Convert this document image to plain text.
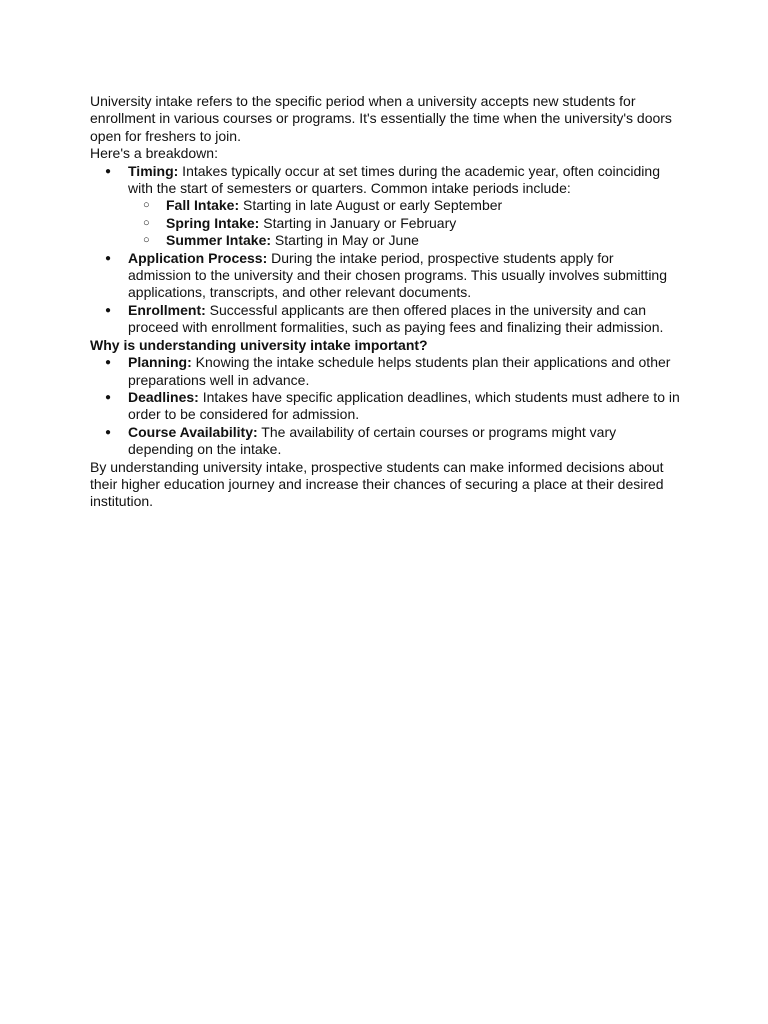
University intake refers to the specific period when a university accepts new students for enrollment in various courses or programs. It's essentially the time when the university's doors open for freshers to join.

Here's a breakdown:

● Timing: Intakes typically occur at set times during the academic year, often coinciding with the start of semesters or quarters. Common intake periods include:
○ Fall Intake: Starting in late August or early September
○ Spring Intake: Starting in January or February
○ Summer Intake: Starting in May or June
● Application Process: During the intake period, prospective students apply for admission to the university and their chosen programs. This usually involves submitting applications, transcripts, and other relevant documents.
● Enrollment: Successful applicants are then offered places in the university and can proceed with enrollment formalities, such as paying fees and finalizing their admission.

Why is understanding university intake important?

● Planning: Knowing the intake schedule helps students plan their applications and other preparations well in advance.
● Deadlines: Intakes have specific application deadlines, which students must adhere to in order to be considered for admission.
● Course Availability: The availability of certain courses or programs might vary depending on the intake.

By understanding university intake, prospective students can make informed decisions about their higher education journey and increase their chances of securing a place at their desired institution.
